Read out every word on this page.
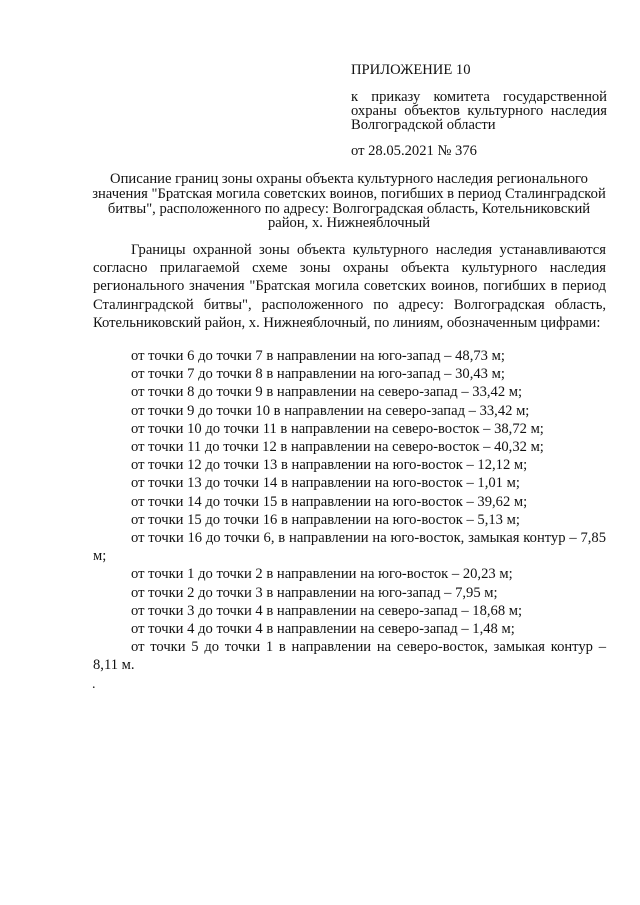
ПРИЛОЖЕНИЕ 10
к приказу комитета государственной охраны объектов культурного наследия Волгоградской области
от 28.05.2021 № 376
Описание границ зоны охраны объекта культурного наследия регионального значения "Братская могила советских воинов, погибших в период Сталинградской битвы", расположенного по адресу: Волгоградская область, Котельниковский район, х. Нижнеяблочный
Границы охранной зоны объекта культурного наследия устанавливаются согласно прилагаемой схеме зоны охраны объекта культурного наследия регионального значения "Братская могила советских воинов, погибших в период Сталинградской битвы", расположенного по адресу: Волгоградская область, Котельниковский район, х. Нижнеяблочный, по линиям, обозначенным цифрами:
от точки 6 до точки 7 в направлении на юго-запад – 48,73 м;
от точки 7 до точки 8 в направлении на юго-запад – 30,43 м;
от точки 8 до точки 9 в направлении на северо-запад – 33,42 м;
от точки 9 до точки 10 в направлении на северо-запад – 33,42 м;
от точки 10 до точки 11 в направлении на северо-восток – 38,72 м;
от точки 11 до точки 12 в направлении на северо-восток – 40,32 м;
от точки 12 до точки 13 в направлении на юго-восток – 12,12 м;
от точки 13 до точки 14 в направлении на юго-восток – 1,01 м;
от точки 14 до точки 15 в направлении на юго-восток – 39,62 м;
от точки 15 до точки 16 в направлении на юго-восток – 5,13 м;
от точки 16 до точки 6, в направлении на юго-восток, замыкая контур – 7,85 м;
от точки 1 до точки 2 в направлении на юго-восток – 20,23 м;
от точки 2 до точки 3 в направлении на юго-запад – 7,95 м;
от точки 3 до точки 4 в направлении на северо-запад – 18,68 м;
от точки 4 до точки 4 в направлении на северо-запад – 1,48 м;
от точки 5 до точки 1 в направлении на северо-восток, замыкая контур – 8,11 м.
.
